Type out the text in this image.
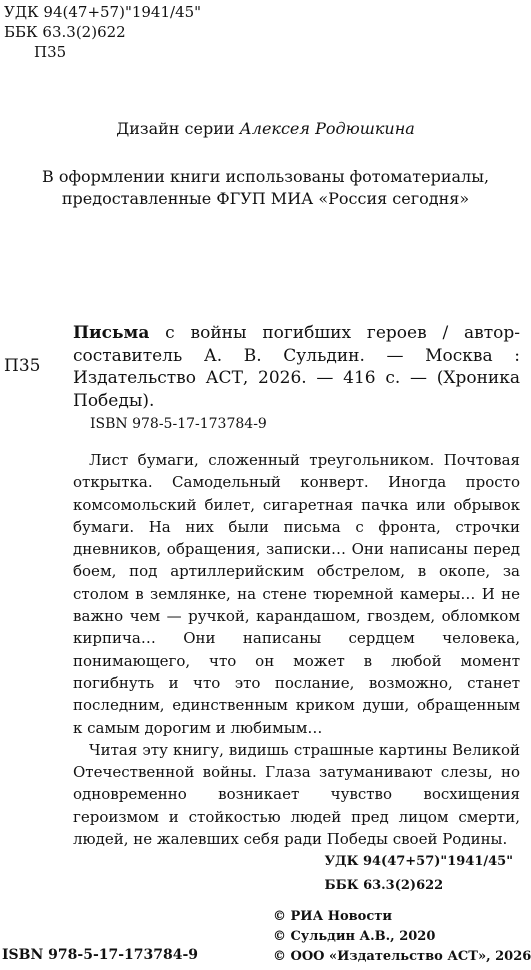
УДК 94(47+57)"1941/45"
ББК 63.3(2)622
П35
Дизайн серии Алексея Родюшкина
В оформлении книги использованы фотоматериалы,
предоставленные ФГУП МИА «Россия сегодня»
П35
Письма с войны погибших героев / автор-составитель А. В. Сульдин. — Москва : Издательство АСТ, 2026. — 416 с. — (Хроника Победы).
ISBN 978-5-17-173784-9

Лист бумаги, сложенный треугольником. Почтовая открытка. Самодельный конверт. Иногда просто комсомольский билет, сигаретная пачка или обрывок бумаги. На них были письма с фронта, строчки дневников, обращения, записки… Они написаны перед боем, под артиллерийским обстрелом, в окопе, за столом в землянке, на стене тюремной камеры… И не важно чем — ручкой, карандашом, гвоздем, обломком кирпича… Они написаны сердцем человека, понимающего, что он может в любой момент погибнуть и что это послание, возможно, станет последним, единственным криком души, обращенным к самым дорогим и любимым…

Читая эту книгу, видишь страшные картины Великой Отечественной войны. Глаза затуманивают слезы, но одновременно возникает чувство восхищения героизмом и стойкостью людей пред лицом смерти, людей, не жалевших себя ради Победы своей Родины.

УДК 94(47+57)"1941/45"
ББК 63.3(2)622
© РИА Новости
© Сульдин А.В., 2020
© ООО «Издательство АСТ», 2026
ISBN 978-5-17-173784-9
